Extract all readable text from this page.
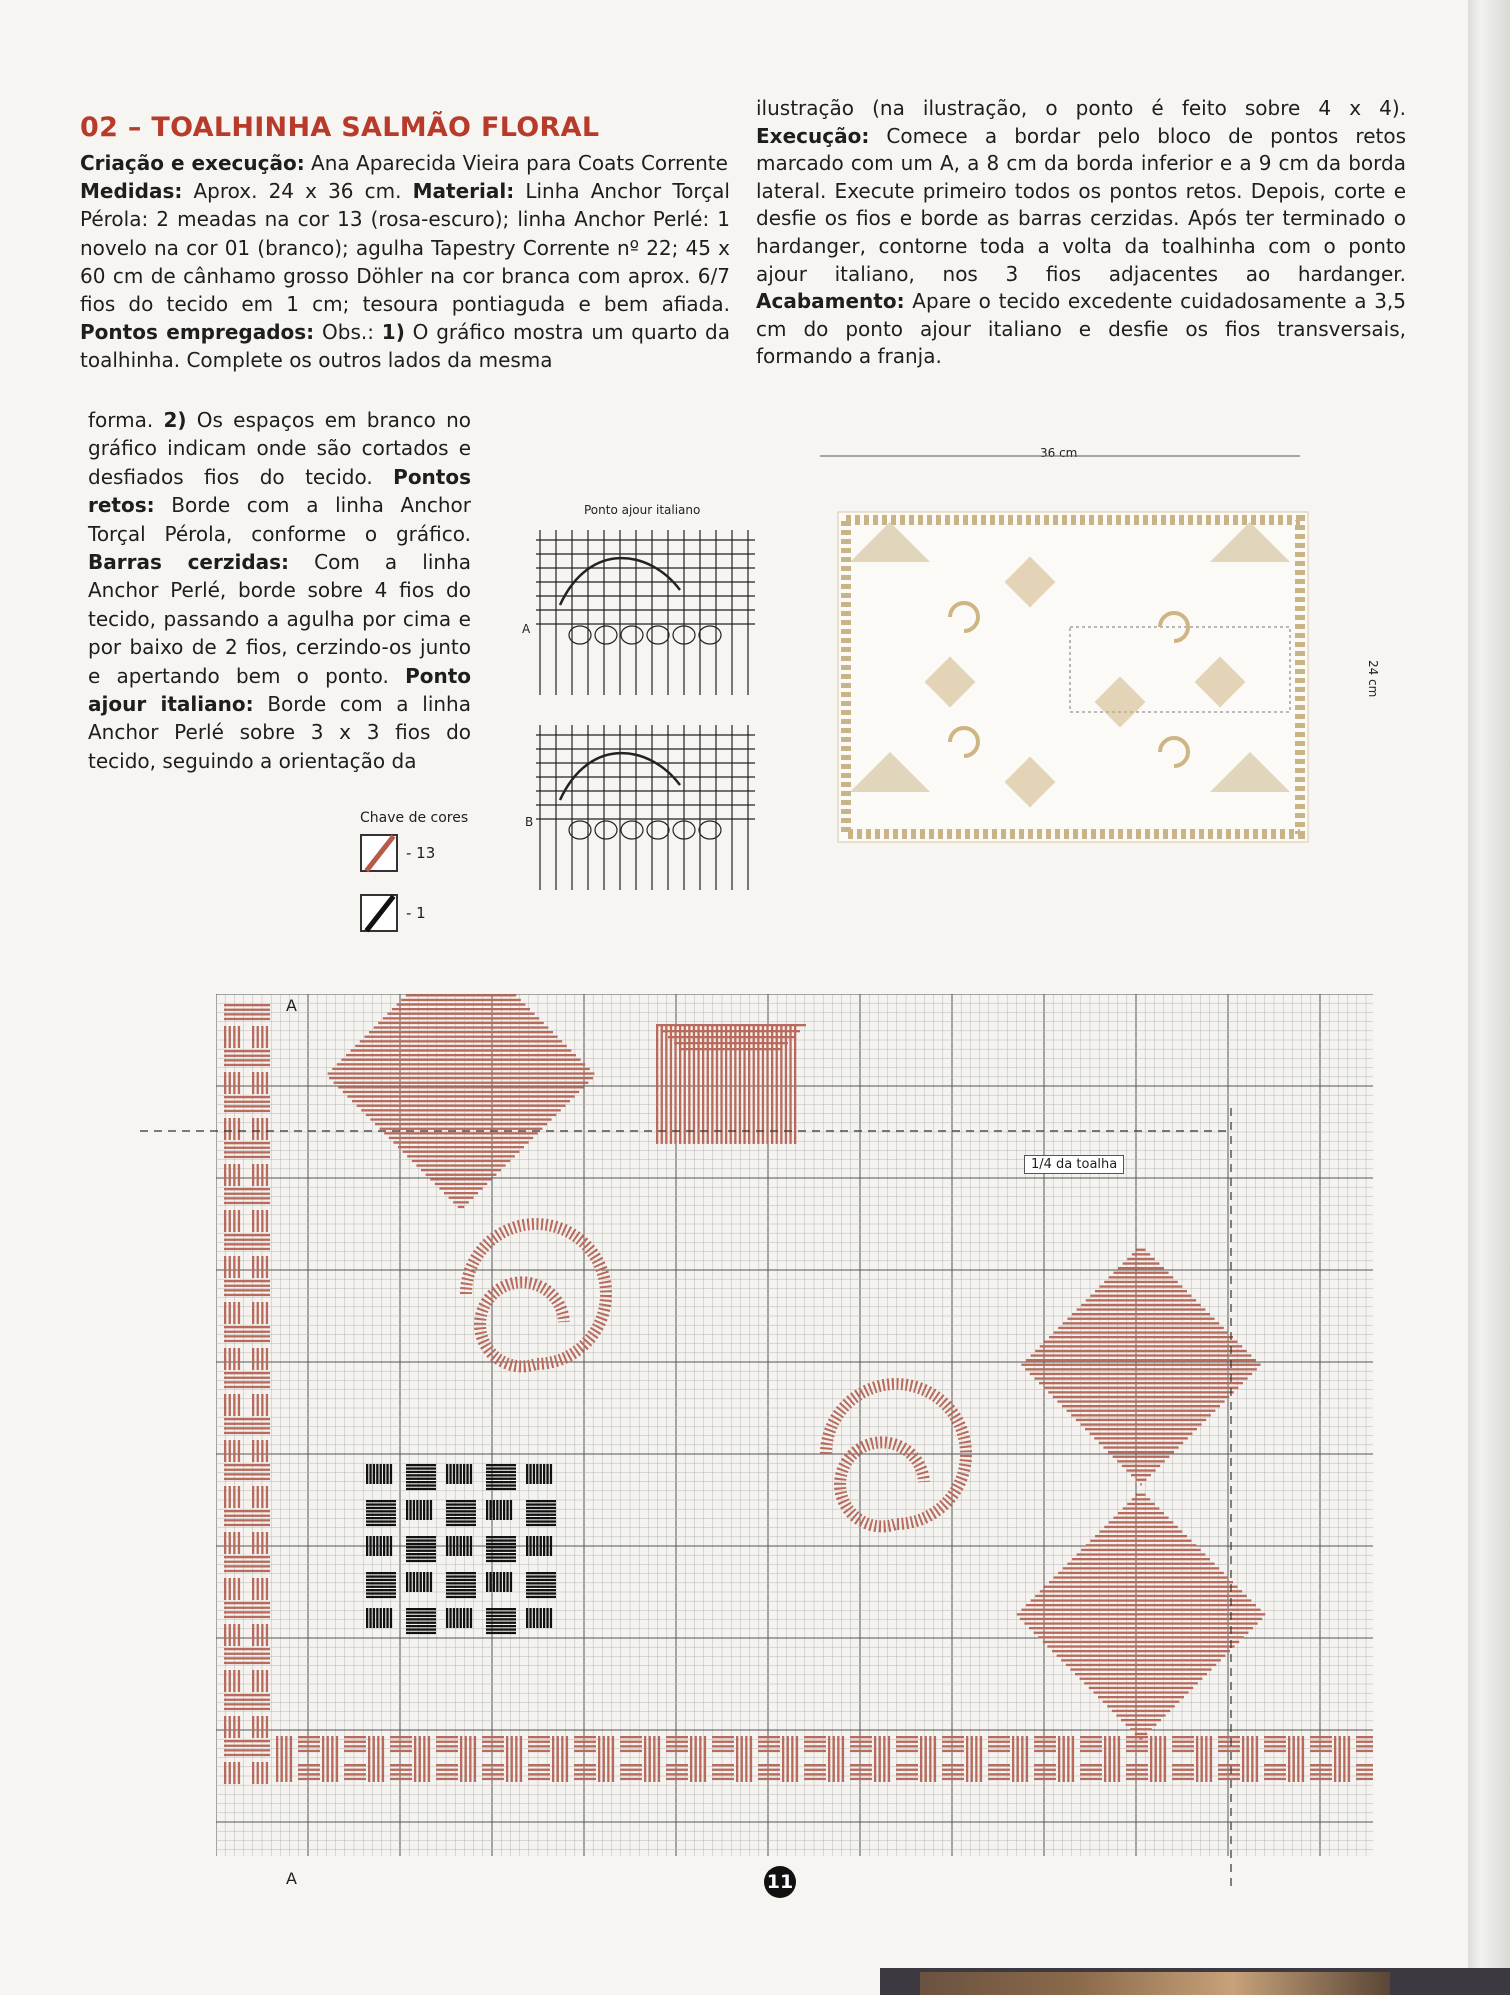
02 – TOALHINHA SALMÃO FLORAL

Criação e execução: Ana Aparecida Vieira para Coats Corrente

Medidas: Aprox. 24 x 36 cm. Material: Linha Anchor Torçal Pérola: 2 meadas na cor 13 (rosa-escuro); linha Anchor Perlé: 1 novelo na cor 01 (branco); agulha Tapestry Corrente nº 22; 45 x 60 cm de cânhamo grosso Döhler na cor branca com aprox. 6/7 fios do tecido em 1 cm; tesoura pontiaguda e bem afiada. Pontos empregados: Obs.: 1) O gráfico mostra um quarto da toalhinha. Complete os outros lados da mesma

forma. 2) Os espaços em branco no gráfico indicam onde são cortados e desfiados fios do tecido. Pontos retos: Borde com a linha Anchor Torçal Pérola, conforme o gráfico. Barras cerzidas: Com a linha Anchor Perlé, borde sobre 4 fios do tecido, passando a agulha por cima e por baixo de 2 fios, cerzindo-os junto e apertando bem o ponto. Ponto ajour italiano: Borde com a linha Anchor Perlé sobre 3 x 3 fios do tecido, seguindo a orientação da

ilustração (na ilustração, o ponto é feito sobre 4 x 4). Execução: Comece a bordar pelo bloco de pontos retos marcado com um A, a 8 cm da borda inferior e a 9 cm da borda lateral. Execute primeiro todos os pontos retos. Depois, corte e desfie os fios e borde as barras cerzidas. Após ter terminado o hardanger, contorne toda a volta da toalhinha com o ponto ajour italiano, nos 3 fios adjacentes ao hardanger. Acabamento: Apare o tecido excedente cuidadosamente a 3,5 cm do ponto ajour italiano e desfie os fios transversais, formando a franja.

Ponto ajour italiano
A
B
36 cm
24 cm
Chave de cores
- 13
- 1
1/4 da toalha
A
A
11
